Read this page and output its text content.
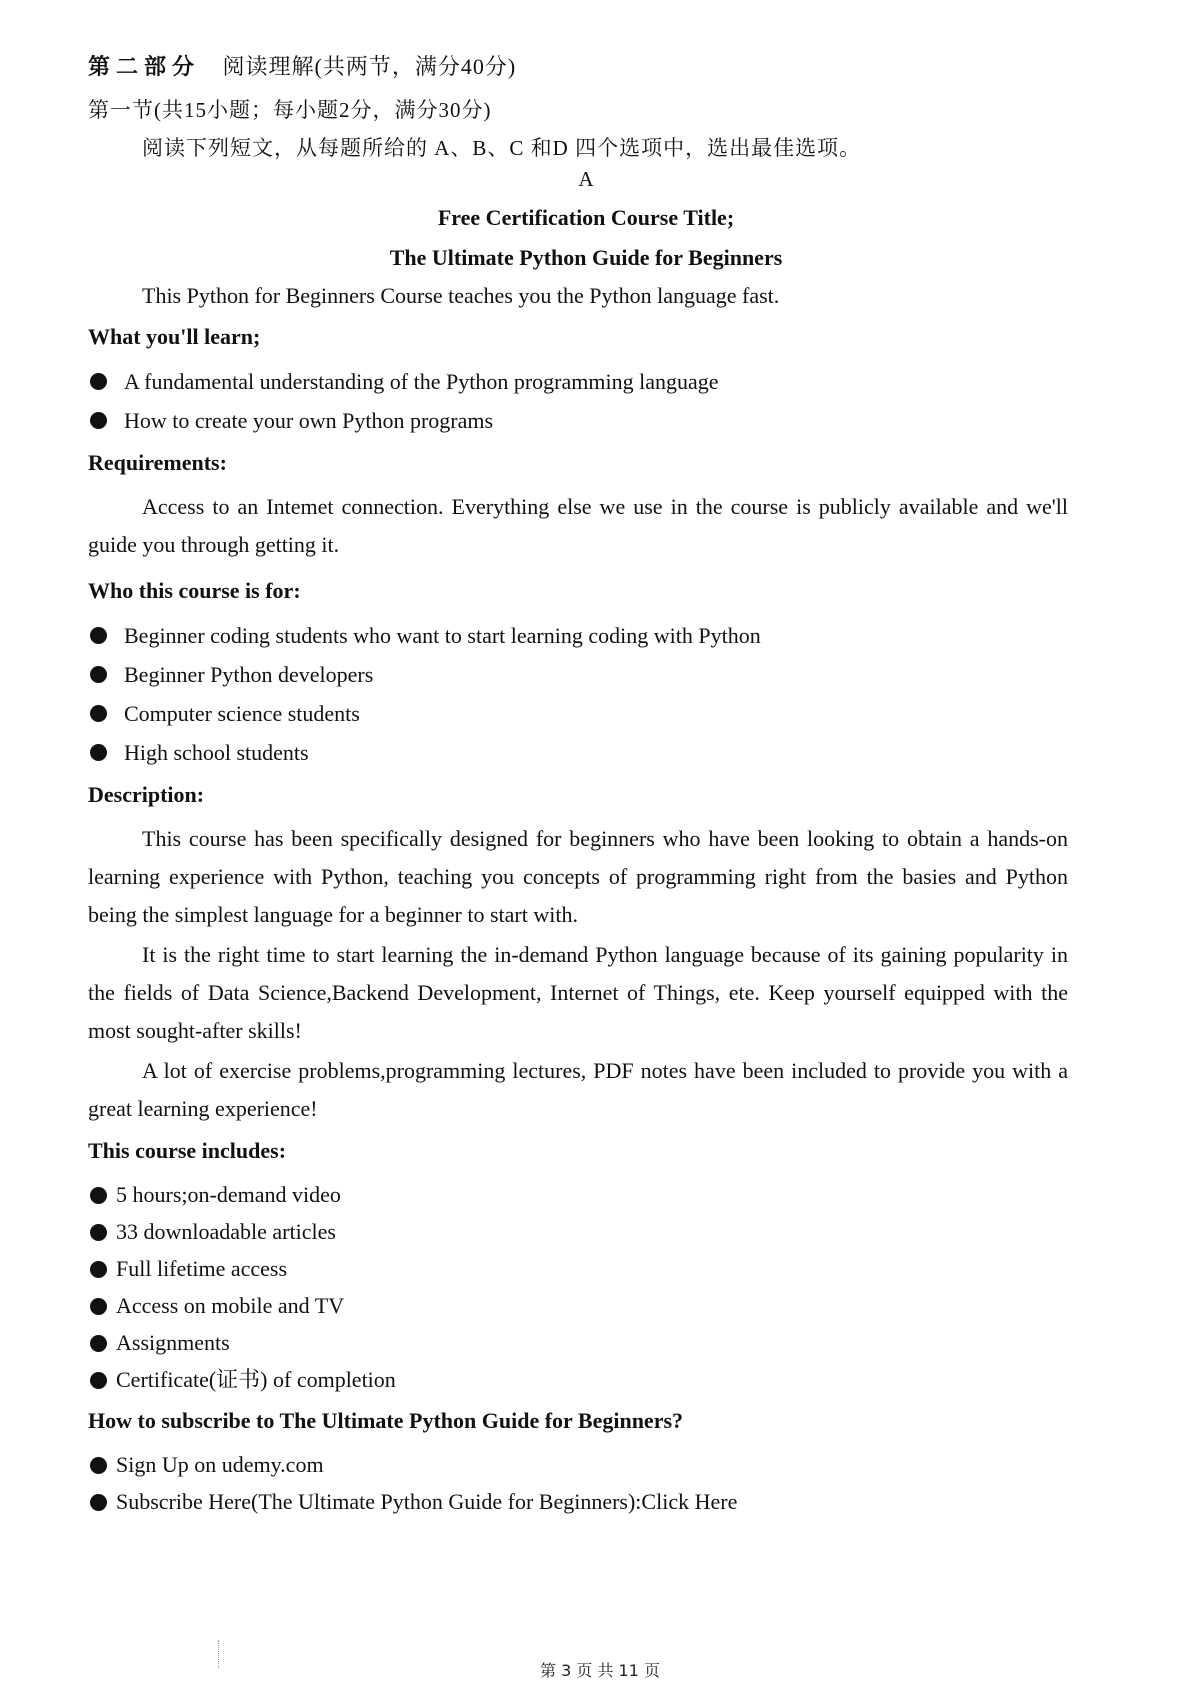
第二部分 阅读理解(共两节，满分40分)

第一节(共15小题；每小题2分，满分30分)

阅读下列短文，从每题所给的 A、B、C 和D 四个选项中，选出最佳选项。

A

Free Certification Course Title;

The Ultimate Python Guide for Beginners

This Python for Beginners Course teaches you the Python language fast.

What you'll learn;
A fundamental understanding of the Python programming language
How to create your own Python programs
Requirements:

Access to an Intemet connection. Everything else we use in the course is publicly available and we'll guide you through getting it.

Who this course is for:
Beginner coding students who want to start learning coding with Python
Beginner Python developers
Computer science students
High school students
Description:

This course has been specifically designed for beginners who have been looking to obtain a hands-on learning experience with Python, teaching you concepts of programming right from the basies and Python being the simplest language for a beginner to start with.

It is the right time to start learning the in-demand Python language because of its gaining popularity in the fields of Data Science,Backend Development, Internet of Things, ete. Keep yourself equipped with the most sought-after skills!

A lot of exercise problems,programming lectures, PDF notes have been included to provide you with a great learning experience!

This course includes:
5 hours;on-demand video
33 downloadable articles
Full lifetime access
Access on mobile and TV
Assignments
Certificate(证书) of completion
How to subscribe to The Ultimate Python Guide for Beginners?
Sign Up on udemy.com
Subscribe Here(The Ultimate Python Guide for Beginners):Click Here
第 3 页 共 11 页
